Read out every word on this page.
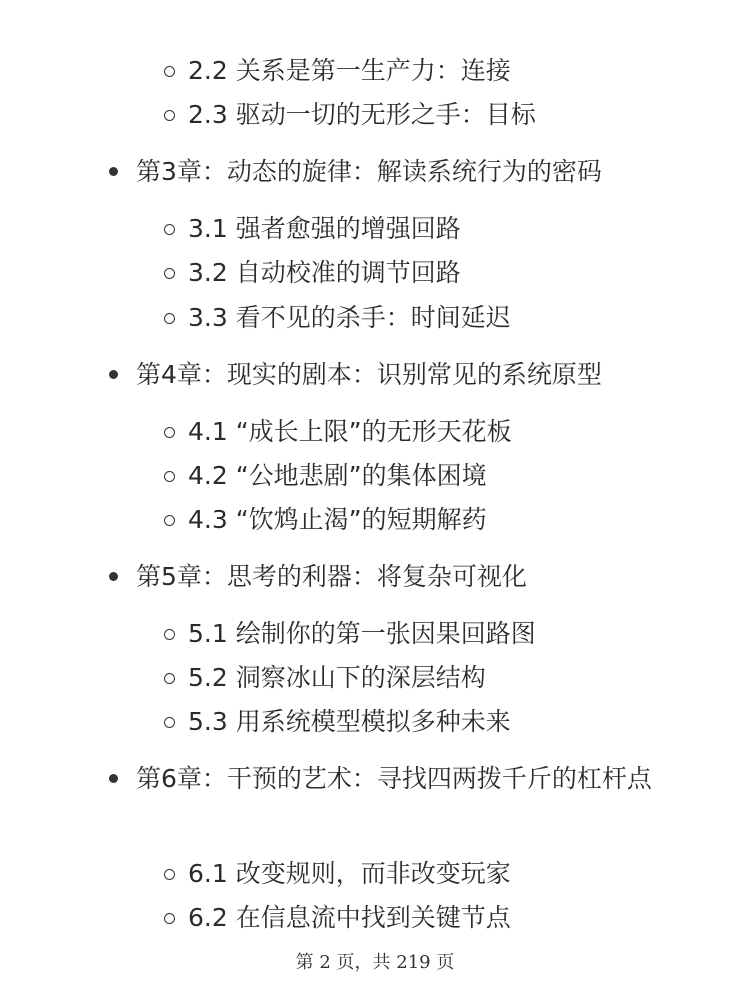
2.2 关系是第一生产力：连接
2.3 驱动一切的无形之手：目标
第3章：动态的旋律：解读系统行为的密码
3.1 强者愈强的增强回路
3.2 自动校准的调节回路
3.3 看不见的杀手：时间延迟
第4章：现实的剧本：识别常见的系统原型
4.1 “成长上限”的无形天花板
4.2 “公地悲剧”的集体困境
4.3 “饮鸩止渴”的短期解药
第5章：思考的利器：将复杂可视化
5.1 绘制你的第一张因果回路图
5.2 洞察冰山下的深层结构
5.3 用系统模型模拟多种未来
第6章：干预的艺术：寻找四两拨千斤的杠杆点
6.1 改变规则，而非改变玩家
6.2 在信息流中找到关键节点
第 2 页，共 219 页
